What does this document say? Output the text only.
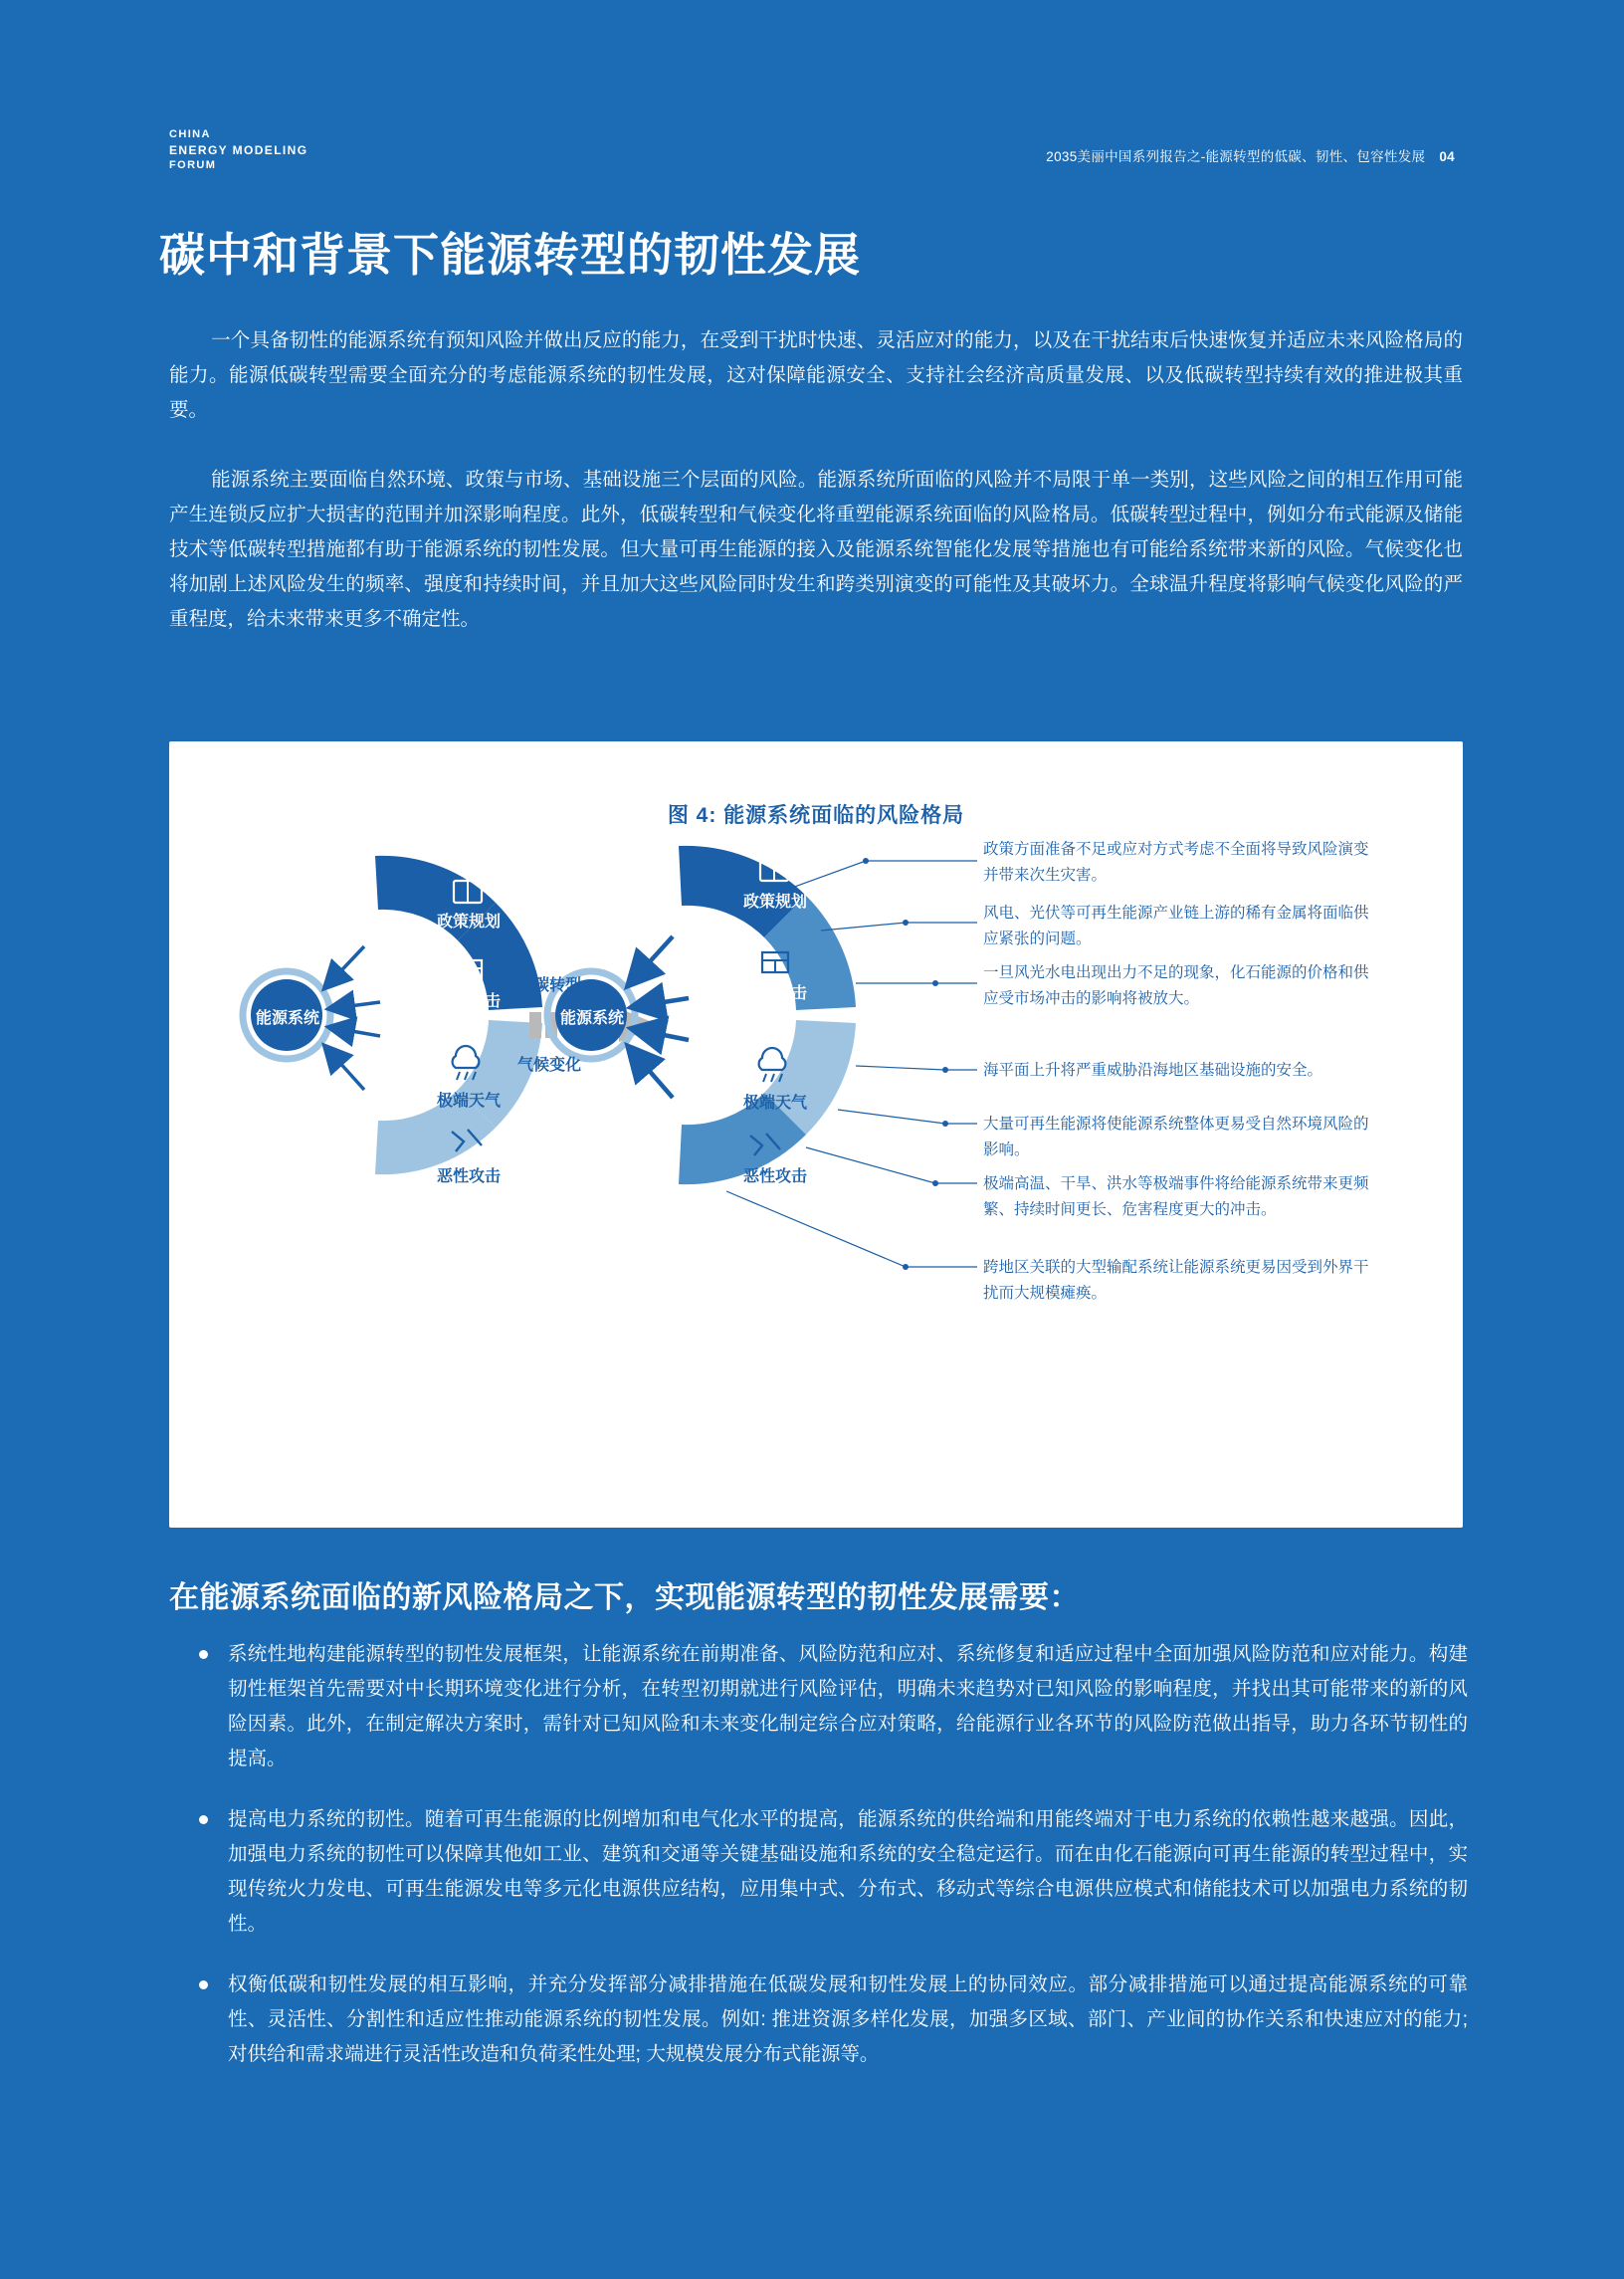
CHINA
ENERGY MODELING
FORUM
2035美丽中国系列报告之-能源转型的低碳、韧性、包容性发展 04
碳中和背景下能源转型的韧性发展
一个具备韧性的能源系统有预知风险并做出反应的能力，在受到干扰时快速、灵活应对的能力，以及在干扰结束后快速恢复并适应未来风险格局的能力。能源低碳转型需要全面充分的考虑能源系统的韧性发展，这对保障能源安全、支持社会经济高质量发展、以及低碳转型持续有效的推进极其重要。
能源系统主要面临自然环境、政策与市场、基础设施三个层面的风险。能源系统所面临的风险并不局限于单一类别，这些风险之间的相互作用可能产生连锁反应扩大损害的范围并加深影响程度。此外，低碳转型和气候变化将重塑能源系统面临的风险格局。低碳转型过程中，例如分布式能源及储能技术等低碳转型措施都有助于能源系统的韧性发展。但大量可再生能源的接入及能源系统智能化发展等措施也有可能给系统带来新的风险。气候变化也将加剧上述风险发生的频率、强度和持续时间，并且加大这些风险同时发生和跨类别演变的可能性及其破坏力。全球温升程度将影响气候变化风险的严重程度，给未来带来更多不确定性。
图 4: 能源系统面临的风险格局
能源系统	能源系统
政策规划
市场冲击
极端天气
恶性攻击
政策规划
市场冲击
极端天气
恶性攻击
低碳转型
气候变化
政策方面准备不足或应对方式考虑不全面将导致风险演变并带来次生灾害。
风电、光伏等可再生能源产业链上游的稀有金属将面临供应紧张的问题。
一旦风光水电出现出力不足的现象，化石能源的价格和供应受市场冲击的影响将被放大。
海平面上升将严重威胁沿海地区基础设施的安全。
大量可再生能源将使能源系统整体更易受自然环境风险的影响。
极端高温、干旱、洪水等极端事件将给能源系统带来更频繁、持续时间更长、危害程度更大的冲击。
跨地区关联的大型输配系统让能源系统更易因受到外界干扰而大规模瘫痪。
在能源系统面临的新风险格局之下，实现能源转型的韧性发展需要：
系统性地构建能源转型的韧性发展框架，让能源系统在前期准备、风险防范和应对、系统修复和适应过程中全面加强风险防范和应对能力。构建韧性框架首先需要对中长期环境变化进行分析，在转型初期就进行风险评估，明确未来趋势对已知风险的影响程度，并找出其可能带来的新的风险因素。此外，在制定解决方案时，需针对已知风险和未来变化制定综合应对策略，给能源行业各环节的风险防范做出指导，助力各环节韧性的提高。
提高电力系统的韧性。随着可再生能源的比例增加和电气化水平的提高，能源系统的供给端和用能终端对于电力系统的依赖性越来越强。因此，加强电力系统的韧性可以保障其他如工业、建筑和交通等关键基础设施和系统的安全稳定运行。而在由化石能源向可再生能源的转型过程中，实现传统火力发电、可再生能源发电等多元化电源供应结构，应用集中式、分布式、移动式等综合电源供应模式和储能技术可以加强电力系统的韧性。
权衡低碳和韧性发展的相互影响，并充分发挥部分减排措施在低碳发展和韧性发展上的协同效应。部分减排措施可以通过提高能源系统的可靠性、灵活性、分割性和适应性推动能源系统的韧性发展。例如: 推进资源多样化发展，加强多区域、部门、产业间的协作关系和快速应对的能力; 对供给和需求端进行灵活性改造和负荷柔性处理; 大规模发展分布式能源等。
